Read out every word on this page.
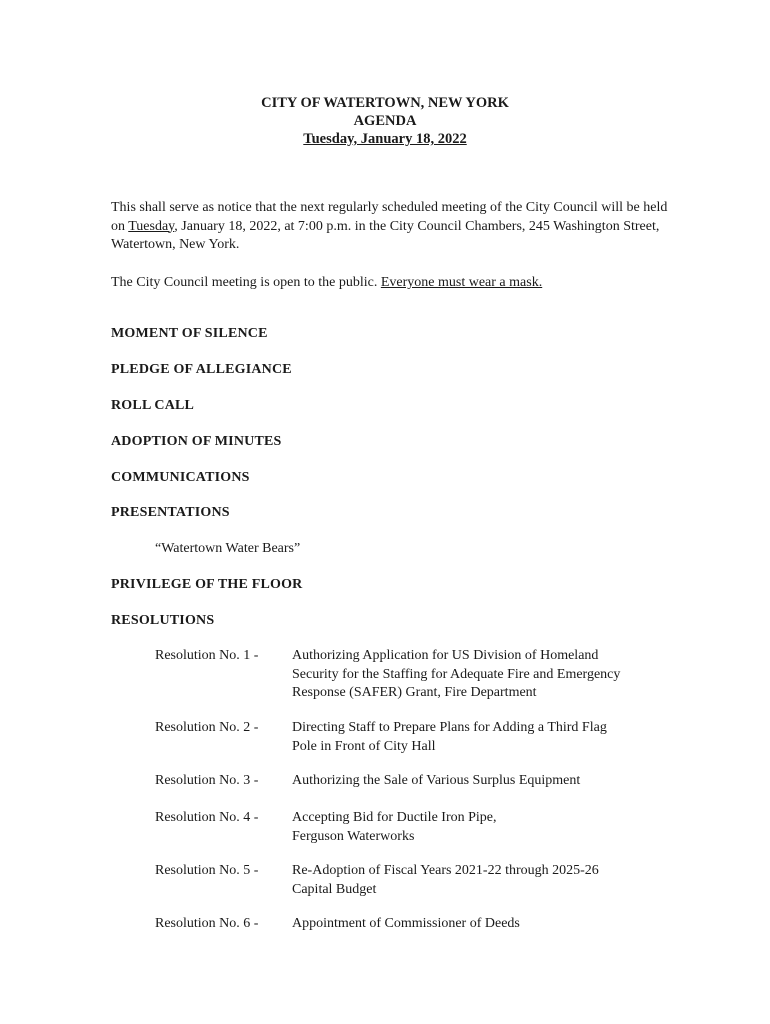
CITY OF WATERTOWN, NEW YORK
AGENDA
Tuesday, January 18, 2022
This shall serve as notice that the next regularly scheduled meeting of the City Council will be held on Tuesday, January 18, 2022, at 7:00 p.m. in the City Council Chambers, 245 Washington Street, Watertown, New York.
The City Council meeting is open to the public. Everyone must wear a mask.
MOMENT OF SILENCE
PLEDGE OF ALLEGIANCE
ROLL CALL
ADOPTION OF MINUTES
COMMUNICATIONS
PRESENTATIONS
“Watertown Water Bears”
PRIVILEGE OF THE FLOOR
RESOLUTIONS
Resolution No. 1 -	Authorizing Application for US Division of Homeland
Security for the Staffing for Adequate Fire and Emergency
Response (SAFER) Grant, Fire Department
Resolution No. 2 -	Directing Staff to Prepare Plans for Adding a Third Flag
Pole in Front of City Hall
Resolution No. 3 -	Authorizing the Sale of Various Surplus Equipment
Resolution No. 4 -	Accepting Bid for Ductile Iron Pipe,
Ferguson Waterworks
Resolution No. 5 -	Re-Adoption of Fiscal Years 2021-22 through 2025-26
Capital Budget
Resolution No. 6 -	Appointment of Commissioner of Deeds
